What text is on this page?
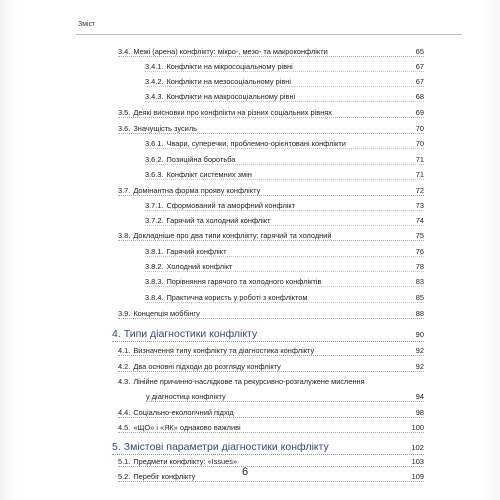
Зміст
3.4. Межі (арена) конфлікту: мікро-, мезо- та макроконфлікти	65
3.4.1. Конфлікти на мікросоціальному рівні	67
3.4.2. Конфлікти на мезосоціальному рівні	67
3.4.3. Конфлікти на макросоціальному рівні	68
3.5. Деякі висновки про конфлікти на різних соціальних рівнях	69
3.6. Значущість зусиль	70
3.6.1. Чвари, суперечки, проблемно-орієнтовані конфлікти	70
3.6.2. Позиційна боротьба	71
3.6.3. Конфлікт системних змін	71
3.7. Домінантна форма прояву конфлікту	72
3.7.1. Сформований та аморфний конфлікт	73
3.7.2. Гарячий та холодний конфлікт	74
3.8. Докладніше про два типи конфлікту: гарячий та холодний	75
3.8.1. Гарячий конфлікт	76
3.8.2. Холодний конфлікт	78
3.8.3. Порівняння гарячого та холодного конфліктів	83
3.8.4. Практична користь у роботі з конфліктом	85
3.9. Концепція моббінгу	88
4. Типи діагностики конфлікту	90
4.1. Визначення типу конфлікту та діагностика конфлікту	92
4.2. Два основні підходи до розгляду конфлікту	92
4.3. Лінійне причинно-наслідкове та рекурсивно-розгалужене мислення
у діагностиці конфлікту	94
4.4. Соціально-екологічний підхід	98
4.5. «ЩО» і «ЯК» однаково важливі	100
5. Змістові параметри діагностики конфлікту	102
5.1. Предмети конфлікту: «Issues»	103
5.2. Перебіг конфлікту	109
6
